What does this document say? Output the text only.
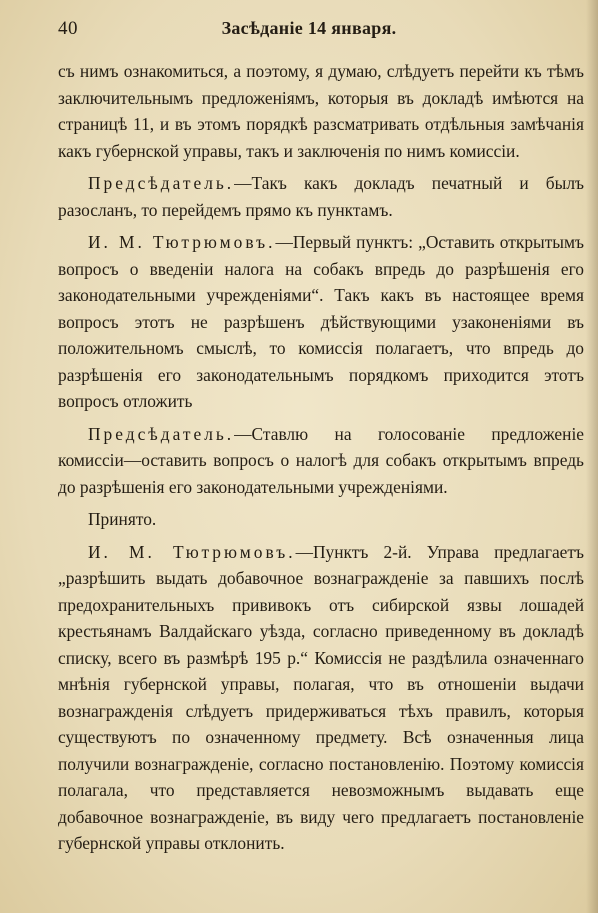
40	Засѣданіе 14 января.

съ нимъ ознакомиться, а поэтому, я думаю, слѣдуетъ перейти къ тѣмъ заключительнымъ предложеніямъ, которыя въ докладѣ имѣются на страницѣ 11, и въ этомъ порядкѣ разсматривать отдѣльныя замѣчанія какъ губернской управы, такъ и заключенія по нимъ комиссіи.

Предсѣдатель.—Такъ какъ докладъ печатный и былъ разосланъ, то перейдемъ прямо къ пунктамъ.

И. М. Тютрюмовъ.—Первый пунктъ: „Оставить открытымъ вопросъ о введеніи налога на собакъ впредь до разрѣшенія его законодательными учрежденіями“. Такъ какъ въ настоящее время вопросъ этотъ не разрѣшенъ дѣйствующими узаконеніями въ положительномъ смыслѣ, то комиссія полагаетъ, что впредь до разрѣшенія его законодательнымъ порядкомъ приходится этотъ вопросъ отложить

Предсѣдатель.—Ставлю на голосованіе предложеніе комиссіи—оставить вопросъ о налогѣ для собакъ открытымъ впредь до разрѣшенія его законодательными учрежденіями.

Принято.

И. М. Тютрюмовъ.—Пунктъ 2-й. Управа предлагаетъ „разрѣшить выдать добавочное вознагражденіе за павшихъ послѣ предохранительныхъ прививокъ отъ сибирской язвы лошадей крестьянамъ Валдайскаго уѣзда, согласно приведенному въ докладѣ списку, всего въ размѣрѣ 195 р.“ Комиссія не раздѣлила означеннаго мнѣнія губернской управы, полагая, что въ отношеніи выдачи вознагражденія слѣдуетъ придерживаться тѣхъ правилъ, которыя существуютъ по означенному предмету. Всѣ означенныя лица получили вознагражденіе, согласно постановленію. Поэтому комиссія полагала, что представляется невозможнымъ выдавать еще добавочное вознагражденіе, въ виду чего предлагаетъ постановленіе губернской управы отклонить.
